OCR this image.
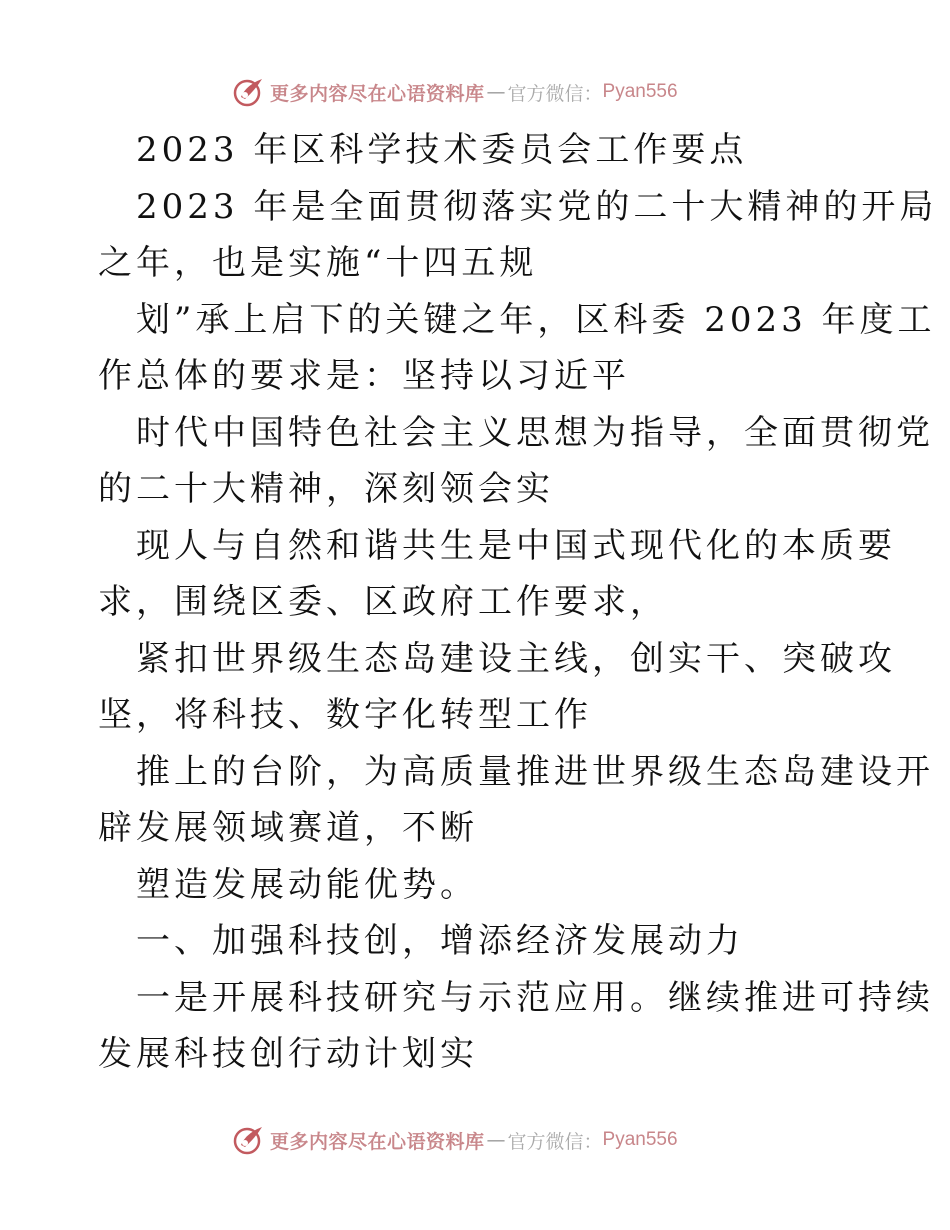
更多内容尽在心语资料库 — 官方微信： Pyan556
2023 年区科学技术委员会工作要点
2023 年是全面贯彻落实党的二十大精神的开局
之年，也是实施“十四五规
划”承上启下的关键之年，区科委 2023 年度工
作总体的要求是：坚持以习近平
时代中国特色社会主义思想为指导，全面贯彻党
的二十大精神，深刻领会实
现人与自然和谐共生是中国式现代化的本质要
求，围绕区委、区政府工作要求，
紧扣世界级生态岛建设主线，创实干、突破攻
坚，将科技、数字化转型工作
推上的台阶，为高质量推进世界级生态岛建设开
辟发展领域赛道，不断
塑造发展动能优势。
一、加强科技创，增添经济发展动力
一是开展科技研究与示范应用。继续推进可持续
发展科技创行动计划实
更多内容尽在心语资料库 — 官方微信： Pyan556
